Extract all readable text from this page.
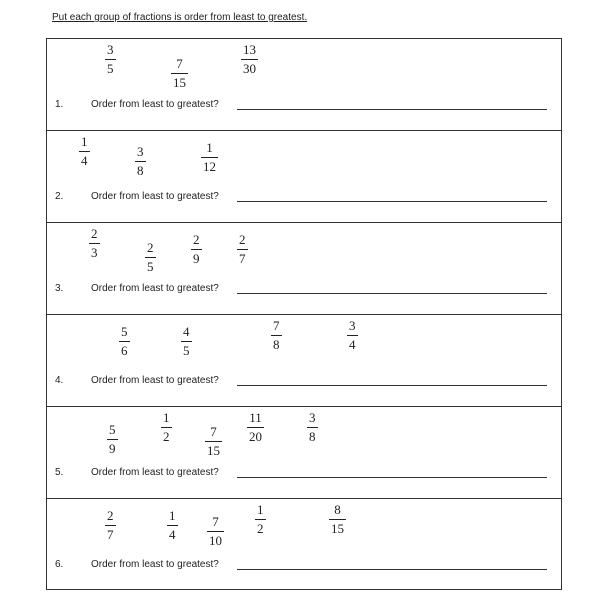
Put each group of fractions is order from least to greatest.
3
5	7
15
13
30
1.	Order from least to greatest?
1
4
3
8
1
12
2.	Order from least to greatest?
2
3	2
5
2
9
2
7
3.	Order from least to greatest?
5
6
4
5
7
8
3
4
4.	Order from least to greatest?
5
9
1
2	7
15
11
20
3
8
5.	Order from least to greatest?
2
7
1
4
7
10
1
2
8
15
6.	Order from least to greatest?
